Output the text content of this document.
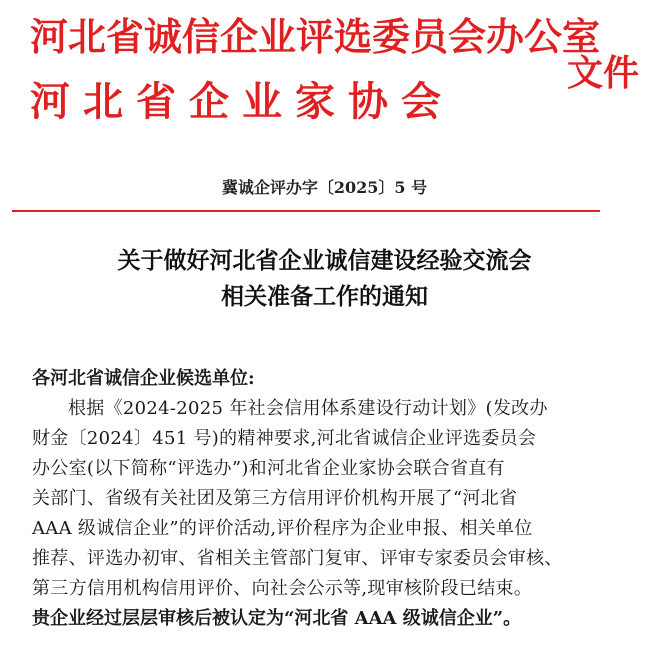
河北省诚信企业评选委员会办公室
河北省企业家协会
文件
冀诚企评办字〔2025〕5 号
关于做好河北省企业诚信建设经验交流会
相关准备工作的通知
各河北省诚信企业候选单位:
根据《2024-2025 年社会信用体系建设行动计划》(发改办
财金〔2024〕451 号)的精神要求,河北省诚信企业评选委员会
办公室(以下简称“评选办”)和河北省企业家协会联合省直有
关部门、省级有关社团及第三方信用评价机构开展了“河北省
AAA 级诚信企业”的评价活动,评价程序为企业申报、相关单位
推荐、评选办初审、省相关主管部门复审、评审专家委员会审核、
第三方信用机构信用评价、向社会公示等,现审核阶段已结束。
贵企业经过层层审核后被认定为“河北省 AAA 级诚信企业”。
